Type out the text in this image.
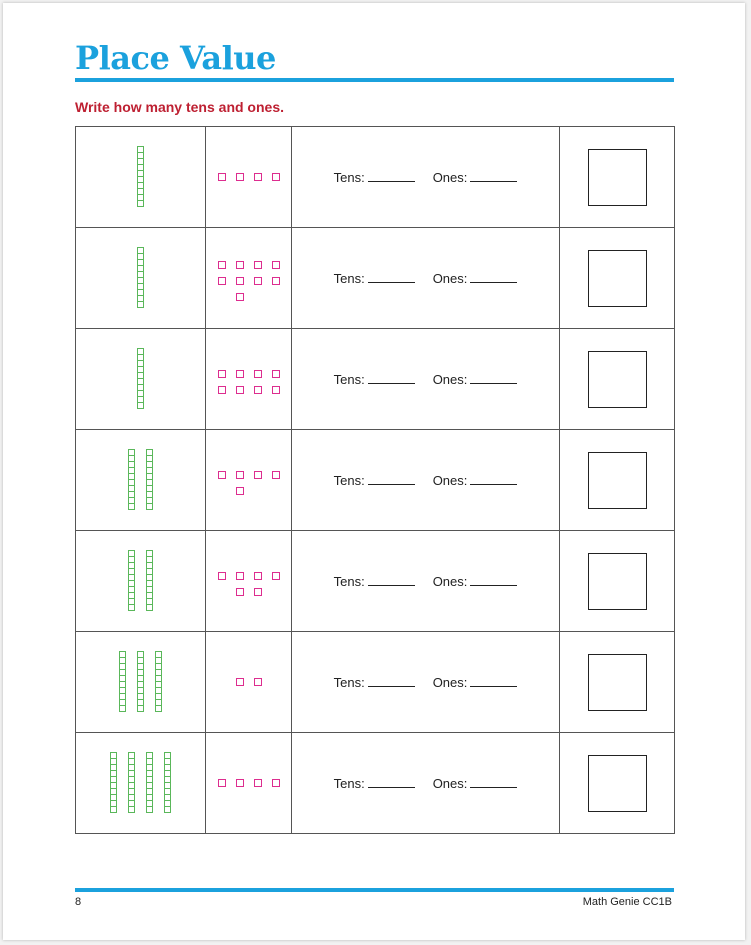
Place Value
Write how many tens and ones.

		Tens: Ones:	

		Tens: Ones:	

		Tens: Ones:	

		Tens: Ones:	

		Tens: Ones:	

		Tens: Ones:	

		Tens: Ones:	

8	Math Genie CC1B
